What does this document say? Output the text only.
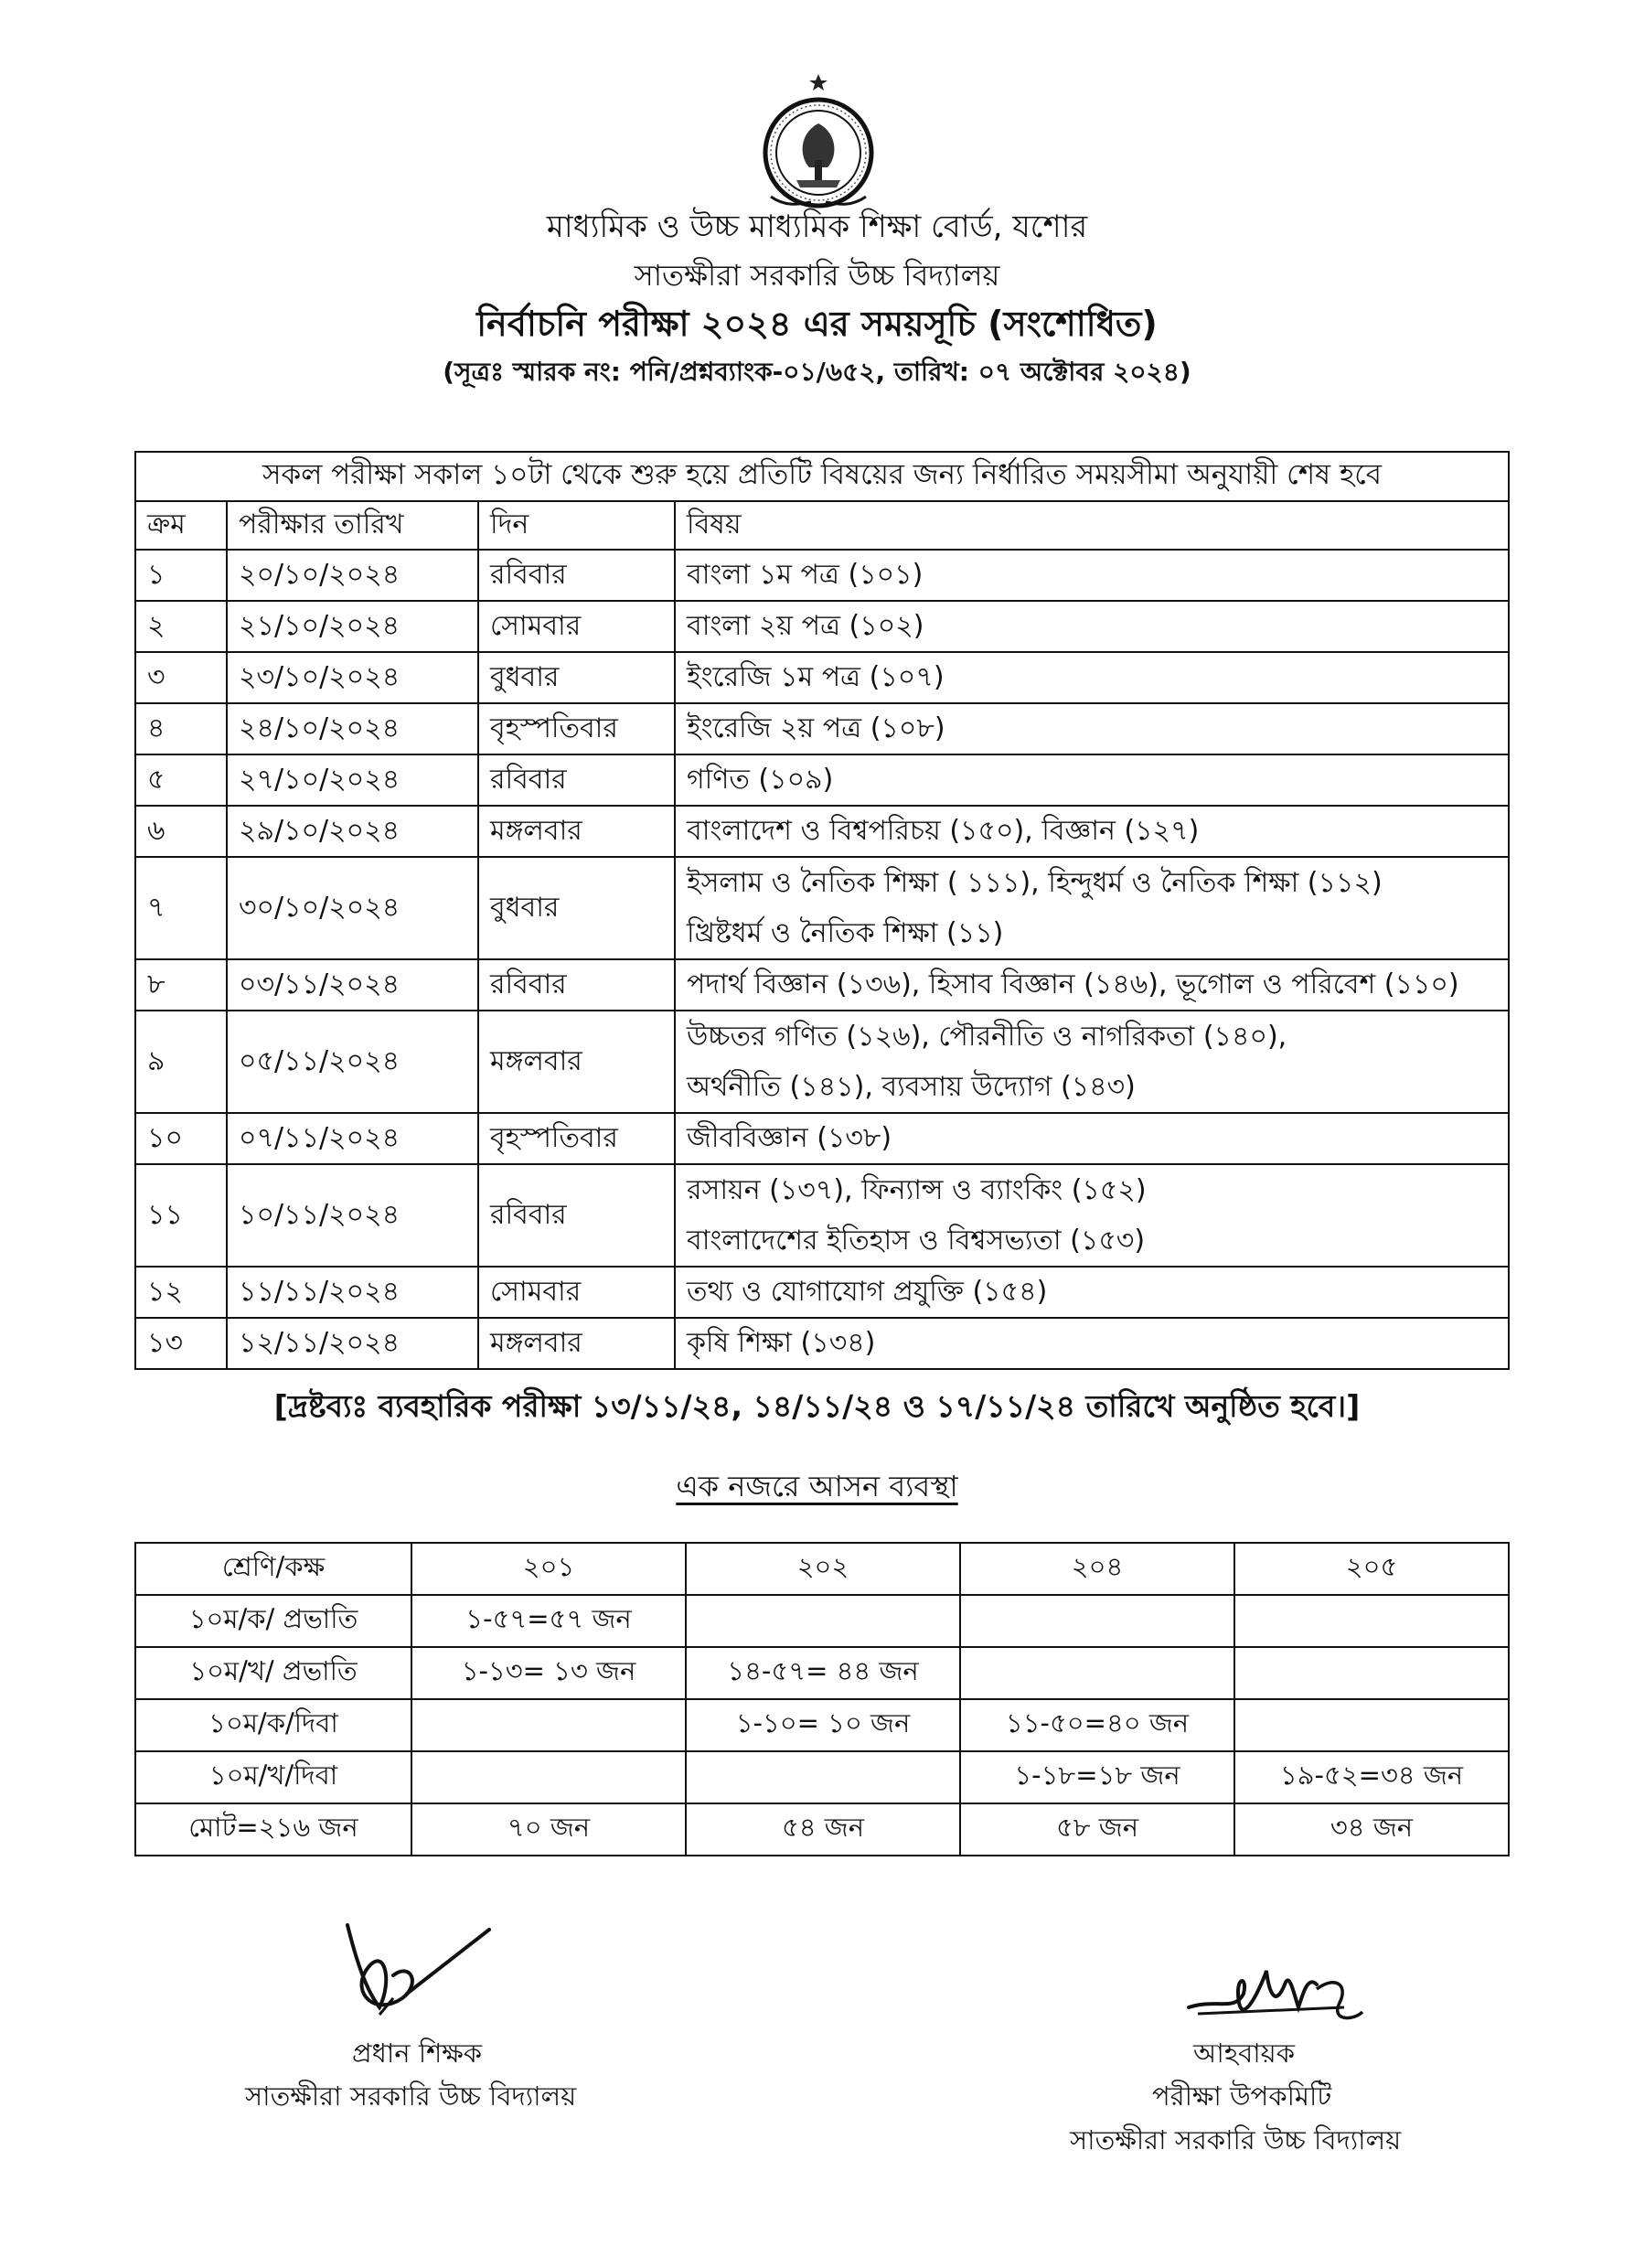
মাধ্যমিক ও উচ্চ মাধ্যমিক শিক্ষা বোর্ড, যশোর
সাতক্ষীরা সরকারি উচ্চ বিদ্যালয়
নির্বাচনি পরীক্ষা ২০২৪ এর সময়সূচি (সংশোধিত)
(সূত্রঃ স্মারক নং: পনি/প্রশ্নব্যাংক-০১/৬৫২, তারিখ: ০৭ অক্টোবর ২০২৪)
সকল পরীক্ষা সকাল ১০টা থেকে শুরু হয়ে প্রতিটি বিষয়ের জন্য নির্ধারিত সময়সীমা অনুযায়ী শেষ হবে			
ক্রম	পরীক্ষার তারিখ	দিন	বিষয়
১	২০/১০/২০২৪	রবিবার	বাংলা ১ম পত্র (১০১)

২	২১/১০/২০২৪	সোমবার	বাংলা ২য় পত্র (১০২)

৩	২৩/১০/২০২৪	বুধবার	ইংরেজি ১ম পত্র (১০৭)

৪	২৪/১০/২০২৪	বৃহস্পতিবার	ইংরেজি ২য় পত্র (১০৮)

৫	২৭/১০/২০২৪	রবিবার	গণিত (১০৯)

৬	২৯/১০/২০২৪	মঙ্গলবার	বাংলাদেশ ও বিশ্বপরিচয় (১৫০), বিজ্ঞান (১২৭)

৭	৩০/১০/২০২৪	বুধবার	ইসলাম ও নৈতিক শিক্ষা ( ১১১), হিন্দুধর্ম ও নৈতিক শিক্ষা (১১২)
খ্রিষ্টধর্ম ও নৈতিক শিক্ষা (১১)

৮	০৩/১১/২০২৪	রবিবার	পদার্থ বিজ্ঞান (১৩৬), হিসাব বিজ্ঞান (১৪৬), ভূগোল ও পরিবেশ (১১০)

৯	০৫/১১/২০২৪	মঙ্গলবার	উচ্চতর গণিত (১২৬), পৌরনীতি ও নাগরিকতা (১৪০),
অর্থনীতি (১৪১), ব্যবসায় উদ্যোগ (১৪৩)

১০	০৭/১১/২০২৪	বৃহস্পতিবার	জীববিজ্ঞান (১৩৮)

১১	১০/১১/২০২৪	রবিবার	রসায়ন (১৩৭), ফিন্যান্স ও ব্যাংকিং (১৫২)
বাংলাদেশের ইতিহাস ও বিশ্বসভ্যতা (১৫৩)

১২	১১/১১/২০২৪	সোমবার	তথ্য ও যোগাযোগ প্রযুক্তি (১৫৪)

১৩	১২/১১/২০২৪	মঙ্গলবার	কৃষি শিক্ষা (১৩৪)
[দ্রষ্টব্যঃ ব্যবহারিক পরীক্ষা ১৩/১১/২৪, ১৪/১১/২৪ ও ১৭/১১/২৪ তারিখে অনুষ্ঠিত হবে।]
এক নজরে আসন ব্যবস্থা
শ্রেণি/কক্ষ	২০১	২০২	২০৪	২০৫
১০ম/ক/ প্রভাতি	১-৫৭=৫৭ জন			
১০ম/খ/ প্রভাতি	১-১৩= ১৩ জন	১৪-৫৭= ৪৪ জন		
১০ম/ক/দিবা		১-১০= ১০ জন	১১-৫০=৪০ জন	
১০ম/খ/দিবা			১-১৮=১৮ জন	১৯-৫২=৩৪ জন
মোট=২১৬ জন	৭০ জন	৫৪ জন	৫৮ জন	৩৪ জন
প্রধান শিক্ষক
সাতক্ষীরা সরকারি উচ্চ বিদ্যালয়
আহবায়ক
পরীক্ষা উপকমিটি
সাতক্ষীরা সরকারি উচ্চ বিদ্যালয়
